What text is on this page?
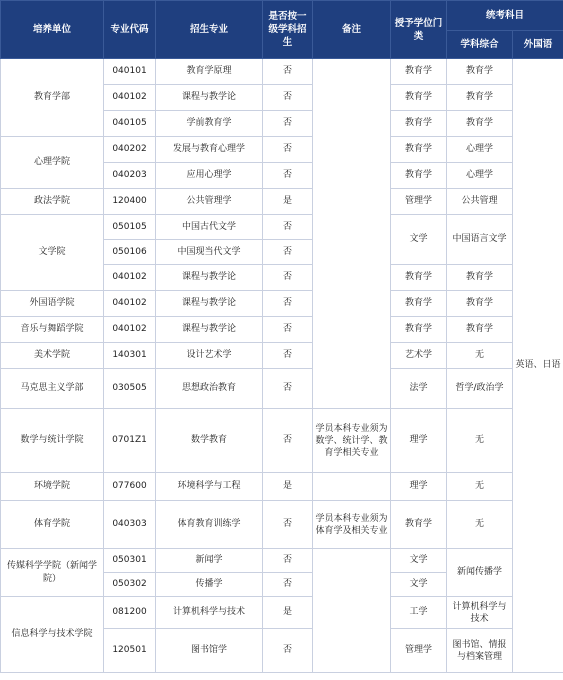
培养单位	专业代码	招生专业	是否按一级学科招生	备注	授予学位门类	统考科目	
						学科综合	外国语
教育学部	040101	教育学原理	否		教育学	教育学	英语、日语
	040102	课程与教学论	否		教育学	教育学	
	040105	学前教育学	否		教育学	教育学	
心理学院	040202	发展与教育心理学	否		教育学	心理学	
	040203	应用心理学	否		教育学	心理学	
政法学院	120400	公共管理学	是		管理学	公共管理	
文学院	050105	中国古代文学	否		文学	中国语言文学	
	050106	中国现当代文学	否				
	040102	课程与教学论	否		教育学	教育学	
外国语学院	040102	课程与教学论	否		教育学	教育学	
音乐与舞蹈学院	040102	课程与教学论	否		教育学	教育学	
美术学院	140301	设计艺术学	否		艺术学	无	
马克思主义学部	030505	思想政治教育	否		法学	哲学/政治学	
数学与统计学院	0701Z1	数学教育	否	学员本科专业须为数学、统计学、教育学相关专业	理学	无	
环境学院	077600	环境科学与工程	是		理学	无	
体育学院	040303	体育教育训练学	否	学员本科专业须为体育学及相关专业	教育学	无	
传媒科学学院（新闻学院）	050301	新闻学	否		文学	新闻传播学	
	050302	传播学	否		文学		
信息科学与技术学院	081200	计算机科学与技术	是		工学	计算机科学与技术	
	120501	图书馆学	否		管理学	图书馆、情报与档案管理	
